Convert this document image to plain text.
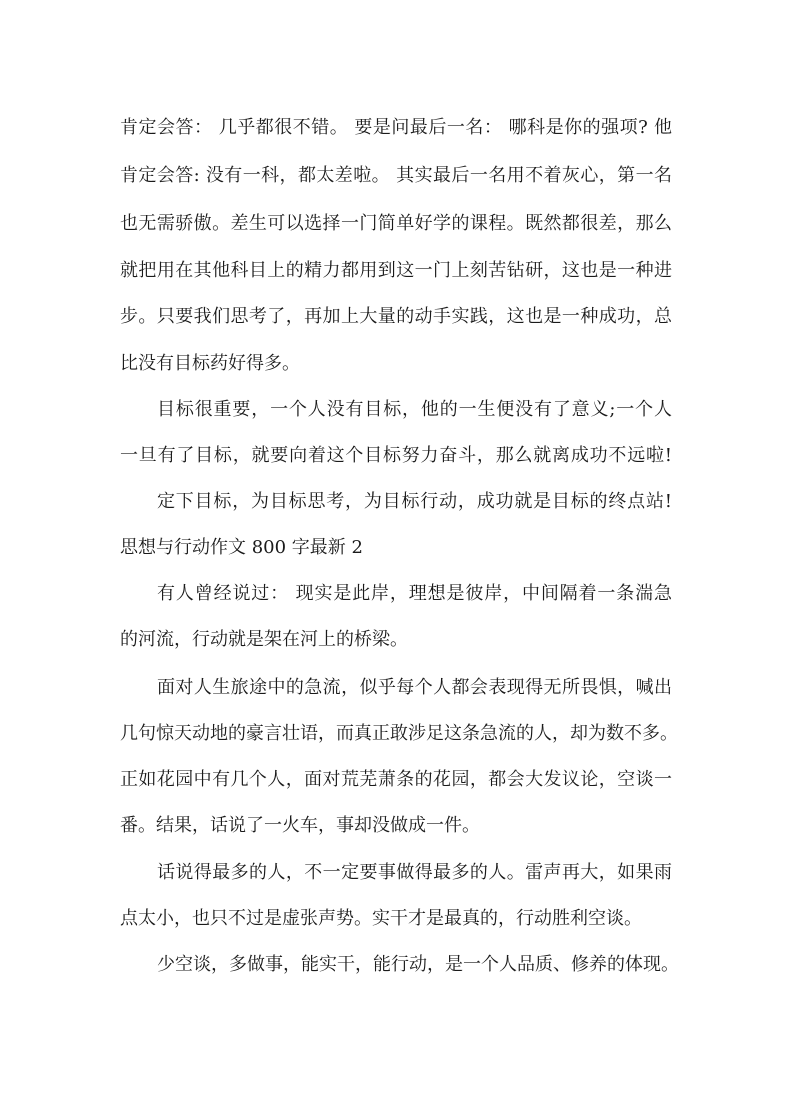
肯定会答： 几乎都很不错。 要是问最后一名： 哪科是你的强项? 他

肯定会答: 没有一科，都太差啦。 其实最后一名用不着灰心，第一名

也无需骄傲。差生可以选择一门简单好学的课程。既然都很差，那么

就把用在其他科目上的精力都用到这一门上刻苦钻研，这也是一种进

步。只要我们思考了，再加上大量的动手实践，这也是一种成功，总

比没有目标药好得多。

目标很重要，一个人没有目标，他的一生便没有了意义;一个人

一旦有了目标，就要向着这个目标努力奋斗，那么就离成功不远啦!

定下目标，为目标思考，为目标行动，成功就是目标的终点站!

思想与行动作文 800 字最新 2

有人曾经说过： 现实是此岸，理想是彼岸，中间隔着一条湍急

的河流，行动就是架在河上的桥梁。

面对人生旅途中的急流，似乎每个人都会表现得无所畏惧，喊出

几句惊天动地的豪言壮语，而真正敢涉足这条急流的人，却为数不多。

正如花园中有几个人，面对荒芜萧条的花园，都会大发议论，空谈一

番。结果，话说了一火车，事却没做成一件。

话说得最多的人，不一定要事做得最多的人。雷声再大，如果雨

点太小，也只不过是虚张声势。实干才是最真的，行动胜利空谈。

少空谈，多做事，能实干，能行动，是一个人品质、修养的体现。
